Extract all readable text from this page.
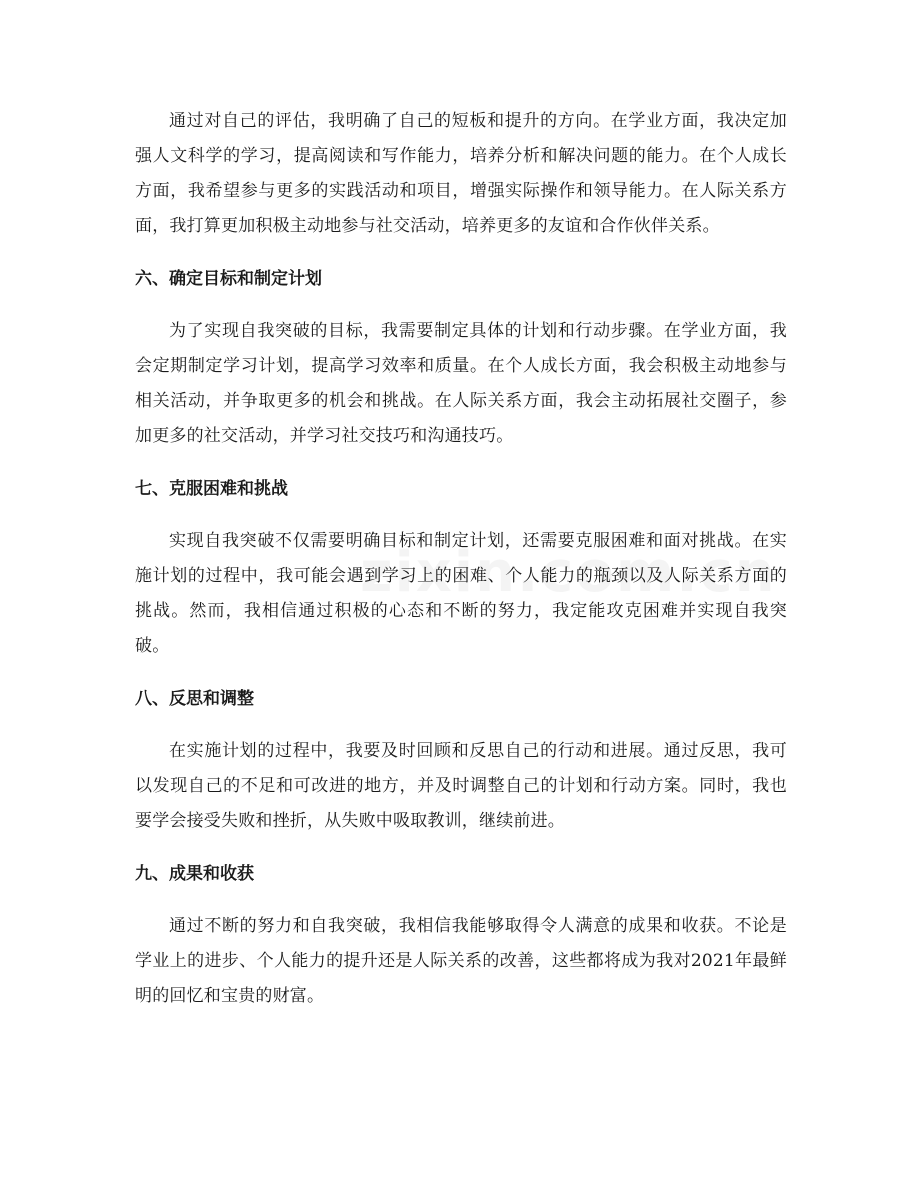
通过对自己的评估，我明确了自己的短板和提升的方向。在学业方面，我决定加强人文科学的学习，提高阅读和写作能力，培养分析和解决问题的能力。在个人成长方面，我希望参与更多的实践活动和项目，增强实际操作和领导能力。在人际关系方面，我打算更加积极主动地参与社交活动，培养更多的友谊和合作伙伴关系。

六、确定目标和制定计划

为了实现自我突破的目标，我需要制定具体的计划和行动步骤。在学业方面，我会定期制定学习计划，提高学习效率和质量。在个人成长方面，我会积极主动地参与相关活动，并争取更多的机会和挑战。在人际关系方面，我会主动拓展社交圈子，参加更多的社交活动，并学习社交技巧和沟通技巧。

七、克服困难和挑战

实现自我突破不仅需要明确目标和制定计划，还需要克服困难和面对挑战。在实施计划的过程中，我可能会遇到学习上的困难、个人能力的瓶颈以及人际关系方面的挑战。然而，我相信通过积极的心态和不断的努力，我定能攻克困难并实现自我突破。

八、反思和调整

在实施计划的过程中，我要及时回顾和反思自己的行动和进展。通过反思，我可以发现自己的不足和可改进的地方，并及时调整自己的计划和行动方案。同时，我也要学会接受失败和挫折，从失败中吸取教训，继续前进。

九、成果和收获

通过不断的努力和自我突破，我相信我能够取得令人满意的成果和收获。不论是学业上的进步、个人能力的提升还是人际关系的改善，这些都将成为我对2021年最鲜明的回忆和宝贵的财富。
